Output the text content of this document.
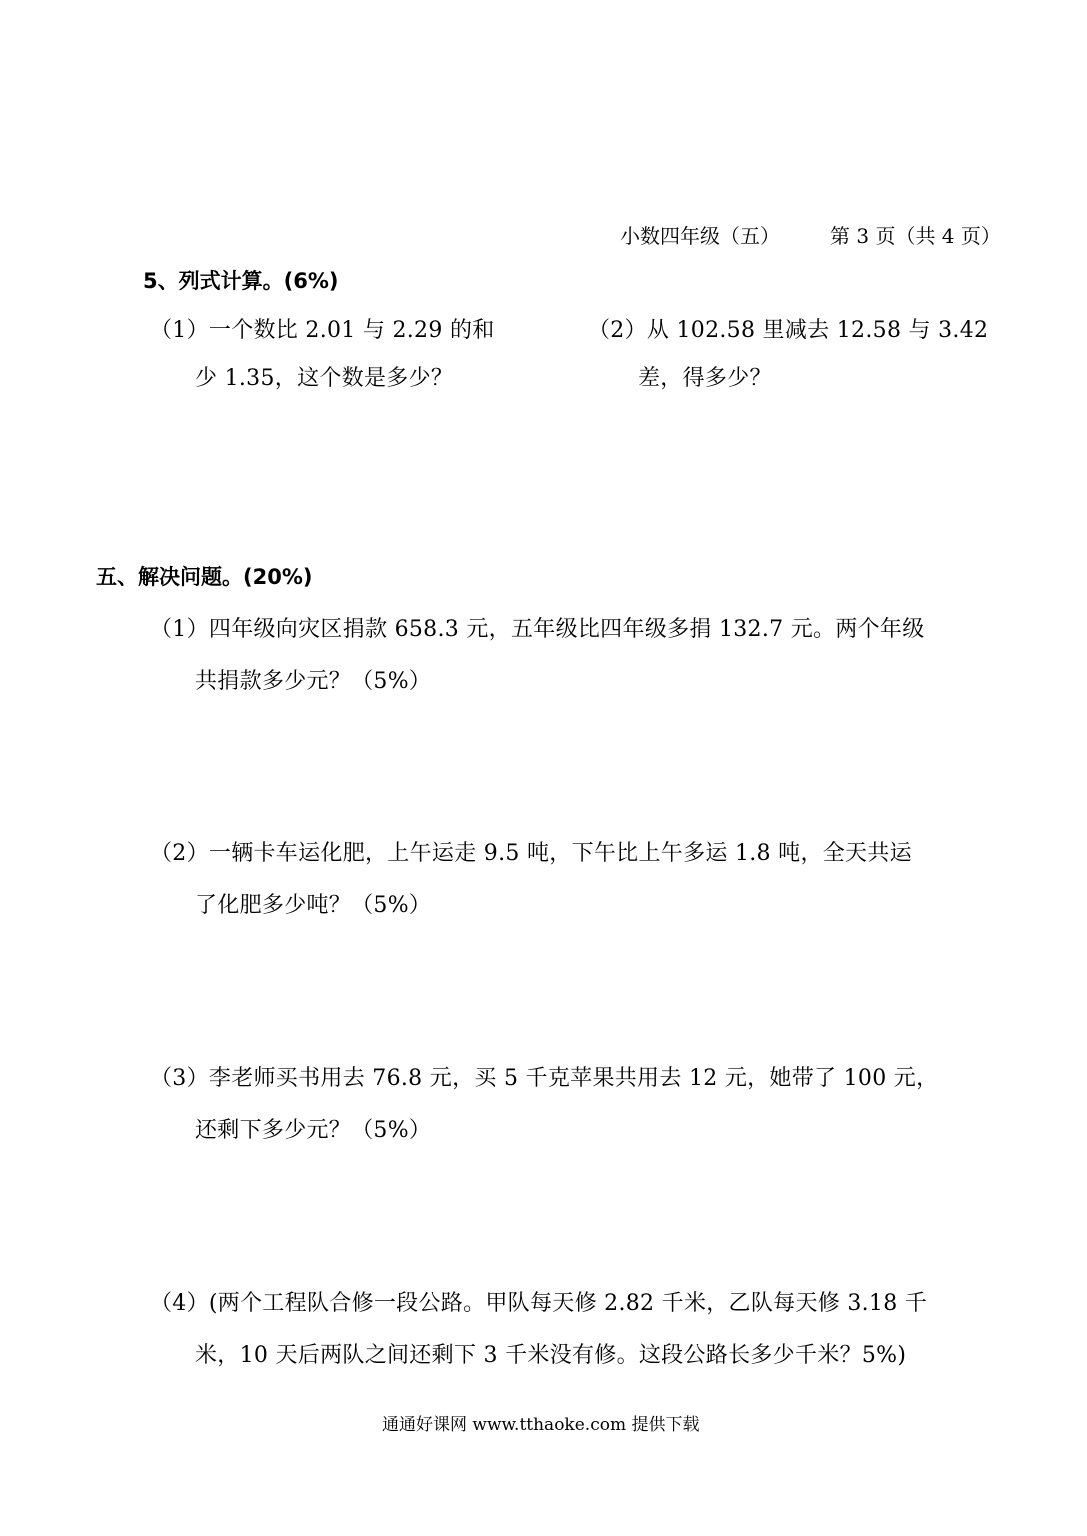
小数四年级（五）	第 3 页（共 4 页）
5、列式计算。(6%)
（1）一个数比 2.01 与 2.29 的和
少 1.35，这个数是多少？
（2）从 102.58 里减去 12.58 与 3.42
差，得多少？
五、解决问题。(20%)
（1）四年级向灾区捐款 658.3 元，五年级比四年级多捐 132.7 元。两个年级
共捐款多少元？（5%）
（2）一辆卡车运化肥，上午运走 9.5 吨，下午比上午多运 1.8 吨，全天共运
了化肥多少吨？（5%）
（3）李老师买书用去 76.8 元，买 5 千克苹果共用去 12 元，她带了 100 元，
还剩下多少元？（5%）
（4）(两个工程队合修一段公路。甲队每天修 2.82 千米，乙队每天修 3.18 千
米，10 天后两队之间还剩下 3 千米没有修。这段公路长多少千米？5%)
通通好课网 www.tthaoke.com 提供下载
